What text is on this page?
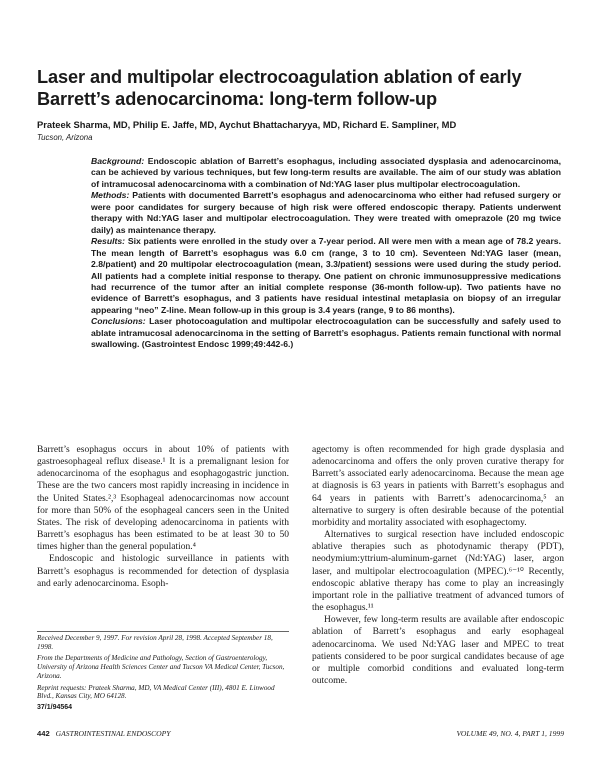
Laser and multipolar electrocoagulation ablation of early Barrett’s adenocarcinoma: long-term follow-up
Prateek Sharma, MD, Philip E. Jaffe, MD, Aychut Bhattacharyya, MD, Richard E. Sampliner, MD
Tucson, Arizona

Background: Endoscopic ablation of Barrett’s esophagus, including associated dysplasia and adenocarcinoma, can be achieved by various techniques, but few long-term results are available. The aim of our study was ablation of intramucosal adenocarcinoma with a combination of Nd:YAG laser plus multipolar electrocoagulation.

Methods: Patients with documented Barrett’s esophagus and adenocarcinoma who either had refused surgery or were poor candidates for surgery because of high risk were offered endoscopic therapy. Patients underwent therapy with Nd:YAG laser and multipolar electrocoagulation. They were treated with omeprazole (20 mg twice daily) as maintenance therapy.

Results: Six patients were enrolled in the study over a 7-year period. All were men with a mean age of 78.2 years. The mean length of Barrett’s esophagus was 6.0 cm (range, 3 to 10 cm). Seventeen Nd:YAG laser (mean, 2.8/patient) and 20 multipolar electrocoagulation (mean, 3.3/patient) sessions were used during the study period. All patients had a complete initial response to therapy. One patient on chronic immunosuppressive medications had recurrence of the tumor after an initial complete response (36-month follow-up). Two patients have no evidence of Barrett’s esophagus, and 3 patients have residual intestinal metaplasia on biopsy of an irregular appearing “neo” Z-line. Mean follow-up in this group is 3.4 years (range, 9 to 86 months).

Conclusions: Laser photocoagulation and multipolar electrocoagulation can be successfully and safely used to ablate intramucosal adenocarcinoma in the setting of Barrett’s esophagus. Patients remain functional with normal swallowing. (Gastrointest Endosc 1999;49:442-6.)

Barrett’s esophagus occurs in about 10% of patients with gastroesophageal reflux disease.¹ It is a premalignant lesion for adenocarcinoma of the esophagus and esophagogastric junction. These are the two cancers most rapidly increasing in incidence in the United States.²,³ Esophageal adenocarcinomas now account for more than 50% of the esophageal cancers seen in the United States. The risk of developing adenocarcinoma in patients with Barrett’s esophagus has been estimated to be at least 30 to 50 times higher than the general population.⁴

Endoscopic and histologic surveillance in patients with Barrett’s esophagus is recommended for detection of dysplasia and early adenocarcinoma. Esoph-

agectomy is often recommended for high grade dysplasia and adenocarcinoma and offers the only proven curative therapy for Barrett’s associated early adenocarcinoma. Because the mean age at diagnosis is 63 years in patients with Barrett’s esophagus and 64 years in patients with Barrett’s adenocarcinoma,⁵ an alternative to surgery is often desirable because of the potential morbidity and mortality associated with esophagectomy.

Alternatives to surgical resection have included endoscopic ablative therapies such as photodynamic therapy (PDT), neodymium:yttrium-aluminum-garnet (Nd:YAG) laser, argon laser, and multipolar electrocoagulation (MPEC).⁶⁻¹⁰ Recently, endoscopic ablative therapy has come to play an increasingly important role in the palliative treatment of advanced tumors of the esophagus.¹¹

However, few long-term results are available after endoscopic ablation of Barrett’s esophagus and early esophageal adenocarcinoma. We used Nd:YAG laser and MPEC to treat patients considered to be poor surgical candidates because of age or multiple comorbid conditions and evaluated long-term outcome.

Received December 9, 1997. For revision April 28, 1998. Accepted September 18, 1998.

From the Departments of Medicine and Pathology, Section of Gastroenterology, University of Arizona Health Sciences Center and Tucson VA Medical Center, Tucson, Arizona.

Reprint requests: Prateek Sharma, MD, VA Medical Center (III), 4801 E. Linwood Blvd., Kansas City, MO 64128.

37/1/94564

442 GASTROINTESTINAL ENDOSCOPY	VOLUME 49, NO. 4, PART 1, 1999
